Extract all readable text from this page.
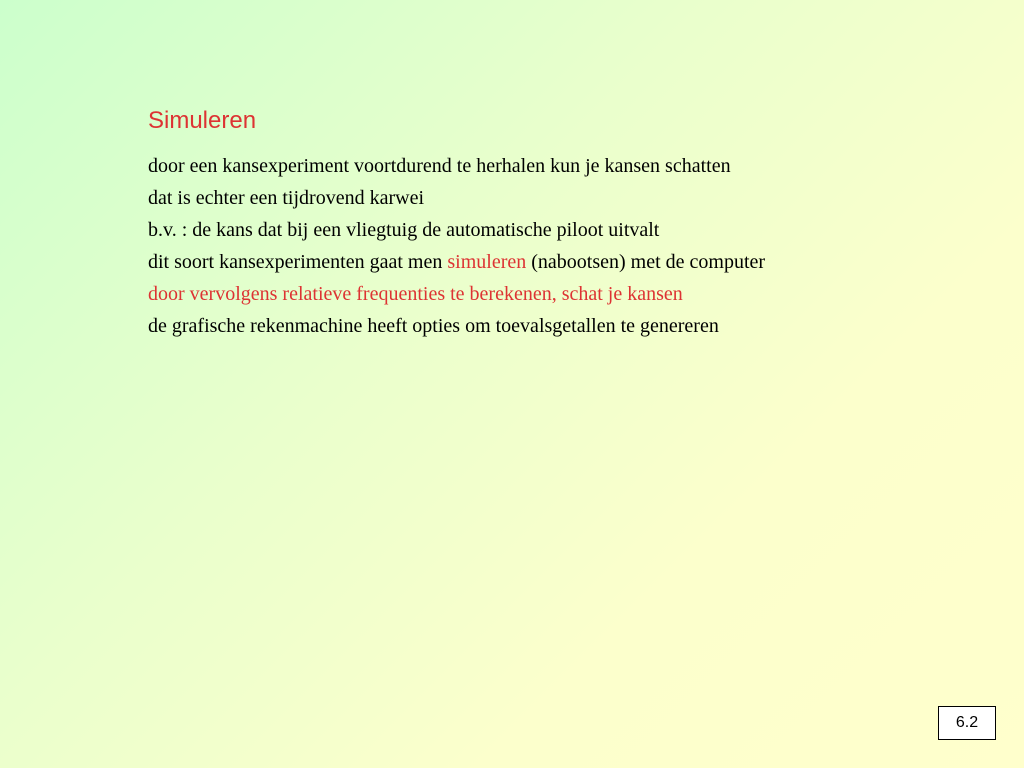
Simuleren
door een kansexperiment voortdurend te herhalen kun je kansen schatten
dat is echter een tijdrovend karwei
b.v. : de kans dat bij een vliegtuig de automatische piloot uitvalt
dit soort kansexperimenten gaat men simuleren (nabootsen) met de computer
door vervolgens relatieve frequenties te berekenen, schat je kansen
de grafische rekenmachine heeft opties om toevalsgetallen te genereren
6.2
